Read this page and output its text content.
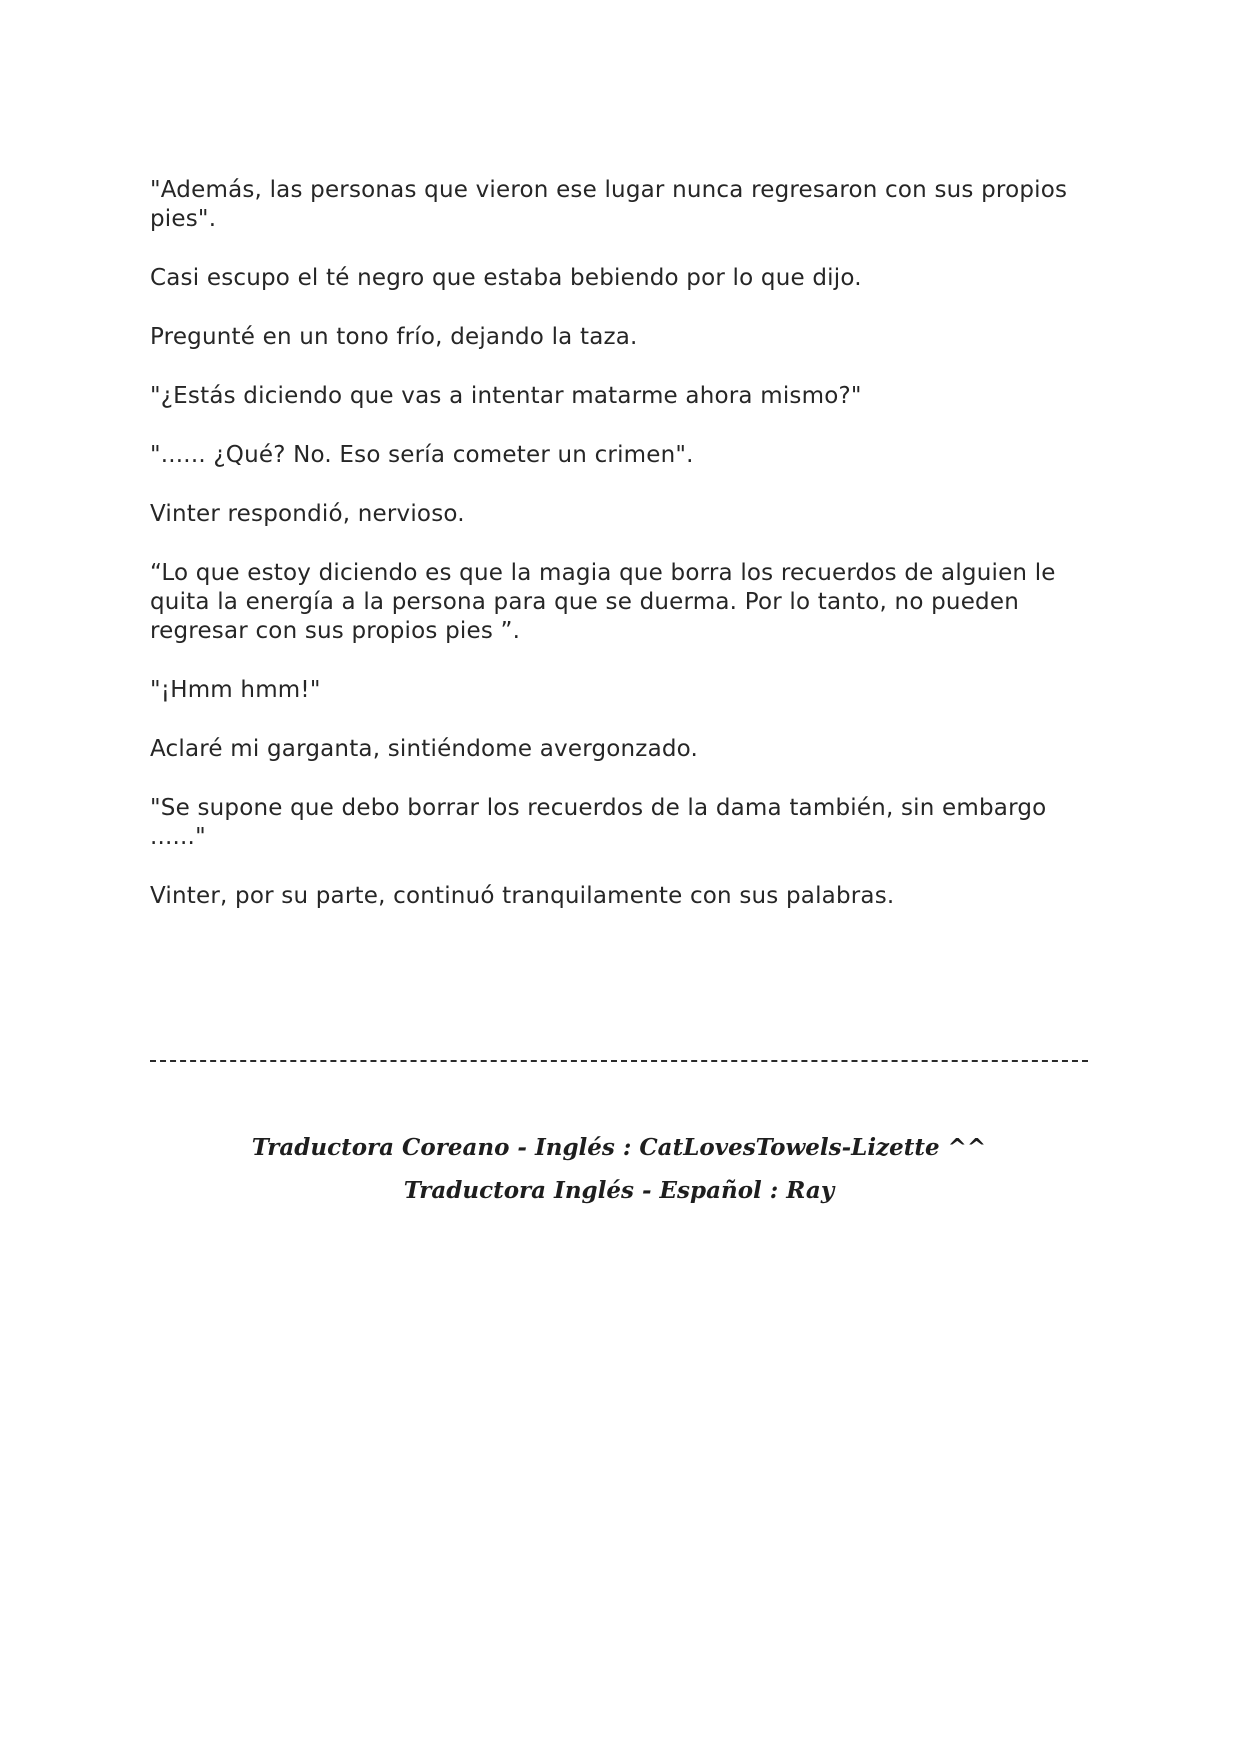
"Además, las personas que vieron ese lugar nunca regresaron con sus propios pies".

Casi escupo el té negro que estaba bebiendo por lo que dijo.

Pregunté en un tono frío, dejando la taza.

"¿Estás diciendo que vas a intentar matarme ahora mismo?"

"...... ¿Qué? No. Eso sería cometer un crimen".

Vinter respondió, nervioso.

“Lo que estoy diciendo es que la magia que borra los recuerdos de alguien le quita la energía a la persona para que se duerma. Por lo tanto, no pueden regresar con sus propios pies ”.

"¡Hmm hmm!"

Aclaré mi garganta, sintiéndome avergonzado.

"Se supone que debo borrar los recuerdos de la dama también, sin embargo ......"

Vinter, por su parte, continuó tranquilamente con sus palabras.

Traductora Coreano - Inglés : CatLovesTowels-Lizette ^^
Traductora Inglés - Español : Ray
